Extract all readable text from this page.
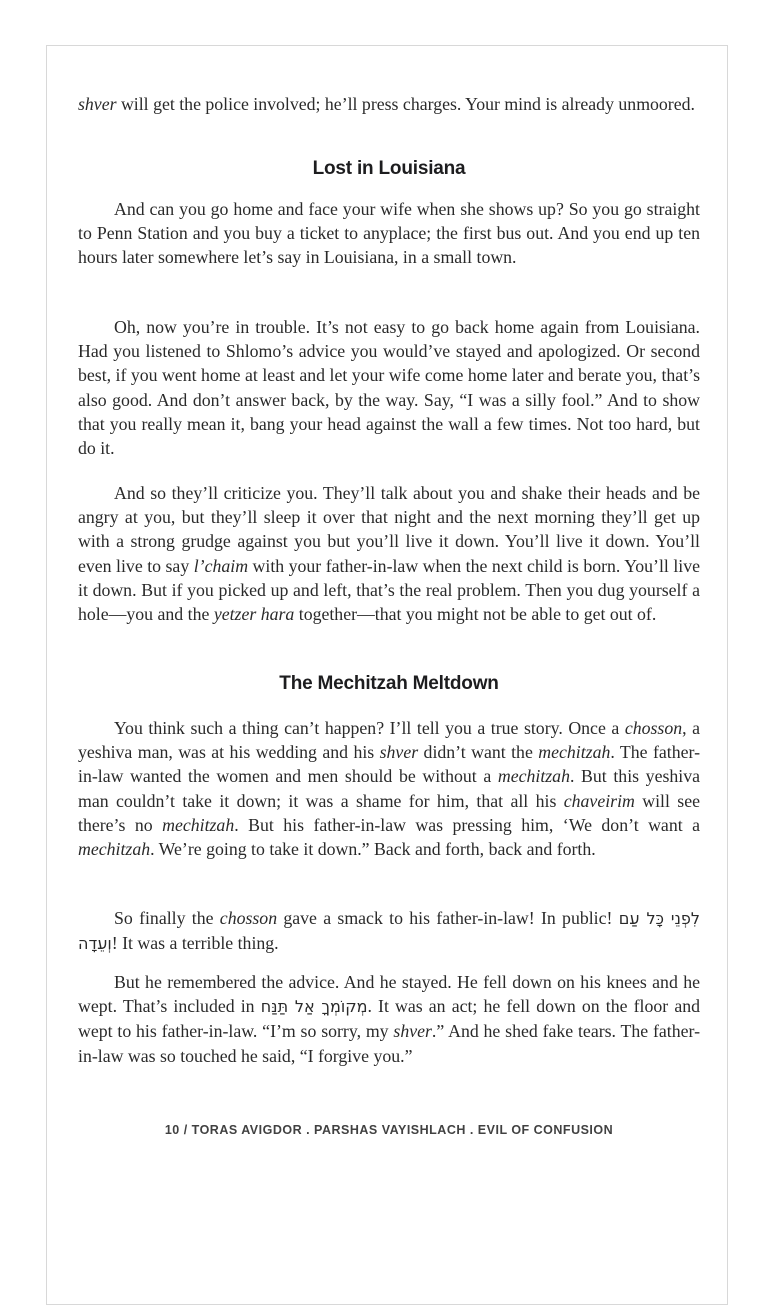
shver will get the police involved; he’ll press charges. Your mind is already unmoored.

Lost in Louisiana

And can you go home and face your wife when she shows up? So you go straight to Penn Station and you buy a ticket to anyplace; the first bus out. And you end up ten hours later somewhere let’s say in Louisiana, in a small town.

Oh, now you’re in trouble. It’s not easy to go back home again from Louisiana. Had you listened to Shlomo’s advice you would’ve stayed and apologized. Or second best, if you went home at least and let your wife come home later and berate you, that’s also good. And don’t answer back, by the way. Say, “I was a silly fool.” And to show that you really mean it, bang your head against the wall a few times. Not too hard, but do it.

And so they’ll criticize you. They’ll talk about you and shake their heads and be angry at you, but they’ll sleep it over that night and the next morning they’ll get up with a strong grudge against you but you’ll live it down. You’ll live it down. You’ll even live to say l’chaim with your father-in-law when the next child is born. You’ll live it down. But if you picked up and left, that’s the real problem. Then you dug yourself a hole—you and the yetzer hara together—that you might not be able to get out of.

The Mechitzah Meltdown

You think such a thing can’t happen? I’ll tell you a true story. Once a chosson, a yeshiva man, was at his wedding and his shver didn’t want the mechitzah. The father-in-law wanted the women and men should be without a mechitzah. But this yeshiva man couldn’t take it down; it was a shame for him, that all his chaveirim will see there’s no mechitzah. But his father-in-law was pressing him, ‘We don’t want a mechitzah. We’re going to take it down.” Back and forth, back and forth.

So finally the chosson gave a smack to his father-in-law! In public! לִפְנֵי כָּל עַם וְעֵדָה! It was a terrible thing.

But he remembered the advice. And he stayed. He fell down on his knees and he wept. That’s included in מְקוֹמְךָ אַל תַּנַּח. It was an act; he fell down on the floor and wept to his father-in-law. “I’m so sorry, my shver.” And he shed fake tears. The father-in-law was so touched he said, “I forgive you.”

10 / TORAS AVIGDOR . PARSHAS VAYISHLACH . EVIL OF CONFUSION
